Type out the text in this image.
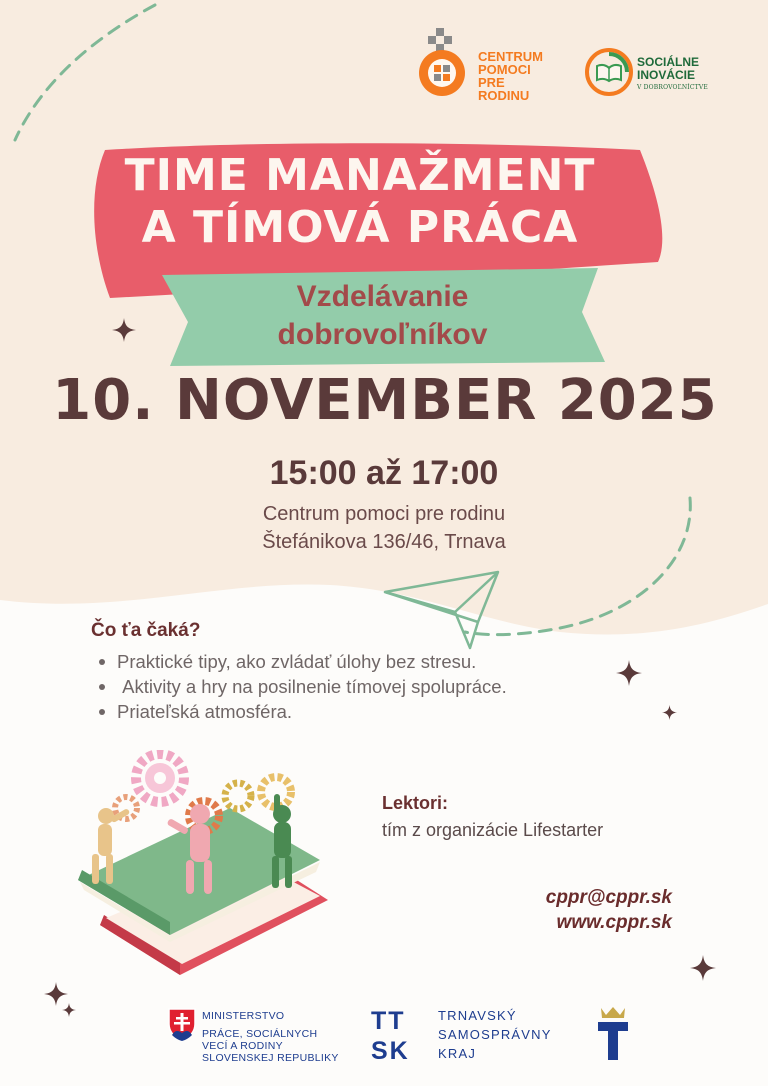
CENTRUM
POMOCI
PRE
RODINU
SOCIÁLNE
INOVÁCIE
V DOBROVOĽNÍCTVE
TIME MANAŽMENT
A TÍMOVÁ PRÁCA
Vzdelávanie
dobrovoľníkov
10. NOVEMBER 2025
15:00 až 17:00
Centrum pomoci pre rodinu
Štefánikova 136/46, Trnava
Čo ťa čaká?
Praktické tipy, ako zvládať úlohy bez stresu.
Aktivity a hry na posilnenie tímovej spolupráce.
Priateľská atmosféra.
Lektori:
tím z organizácie Lifestarter
cppr@cppr.sk
www.cppr.sk
MINISTERSTVO
PRÁCE, SOCIÁLNYCH
VECÍ A RODINY
SLOVENSKEJ REPUBLIKY
TT
SK
TRNAVSKÝ
SAMOSPRÁVNY
KRAJ
